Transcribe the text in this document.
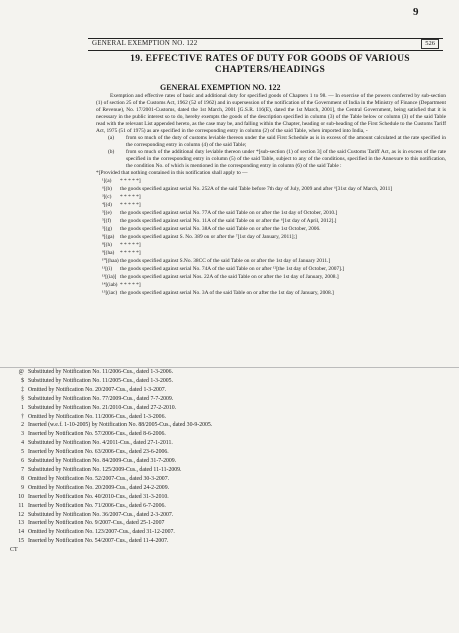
9
GENERAL EXEMPTION NO. 122	526
19. EFFECTIVE RATES OF DUTY FOR GOODS OF VARIOUS CHAPTERS/HEADINGS
GENERAL EXEMPTION NO. 122

Exemption and effective rates of basic and additional duty for specified goods of Chapters 1 to 98. — In exercise of the powers conferred by sub-section (1) of section 25 of the Customs Act, 1962 (52 of 1962) and in supersession of the notification of the Government of India in the Ministry of Finance (Department of Revenue), No. 17/2001-Customs, dated the 1st March, 2001 [G.S.R. 116(E), dated the 1st March, 2001], the Central Government, being satisfied that it is necessary in the public interest so to do, hereby exempts the goods of the description specified in column (3) of the Table below or column (3) of the said Table read with the relevant List appended hereto, as the case may be, and falling within the Chapter, heading or sub-heading of the First Schedule to the Customs Tariff Act, 1975 (51 of 1975) as are specified in the corresponding entry in column (2) of the said Table, when imported into India, -

(a) from so much of the duty of customs leviable thereon under the said First Schedule as is in excess of the amount calculated at the rate specified in the corresponding entry in column (4) of the said Table;
(b) from so much of the additional duty leviable thereon under *[sub-section (1) of section 3] of the said Customs Tariff Act, as is in excess of the rate specified in the corresponding entry in column (5) of the said Table, subject to any of the conditions, specified in the Annexure to this notification, the condition No. of which is mentioned in the corresponding entry in column (6) of the said Table :

*[Provided that nothing contained in this notification shall apply to —

¹[(a) * * * * *]
⁶[(b) the goods specified against serial No. 252A of the said Table before 7th day of July, 2009 and after ⁶[31st day of March, 2011]
³[(c) * * * * *]
⁴[(d) * * * * *]
⁵[(e) the goods specified against serial No. 77A of the said Table on or after the 1st day of October, 2010.]
⁵[(f) the goods specified against serial No. 11A of the said Table on or after the ⁶[1st day of April, 2012].]
⁵[(g) the goods specified against serial No. 38A of the said Table on or after the 1st October, 2006.
⁹[(ga) the goods specified against S. No. 389 on or after the ⁷[1st day of January, 2011];]
⁸[(h) * * * * *]
⁹[(ha) * * * * *]
¹⁰[(haa) the goods specified against S.No. 38CC of the said Table on or after the 1st day of January 2011.]
¹¹[(i) the goods specified against serial No. 74A of the said Table on or after ¹²[the 1st day of October, 2007].]
¹³[(ia)] the goods specified against serial Nos. 22A of the said Table on or after the 1st day of January, 2008.]
¹⁴[(iab) * * * * *]
¹⁵[(iac) the goods specified against serial No. 3A of the said Table on or after the 1st day of January, 2008.]
@ Substituted by Notification No. 11/2006-Cus., dated 1-3-2006.
$ Substituted by Notification No. 11/2005-Cus., dated 1-3-2005.
‡ Omitted by Notification No. 20/2007-Cus., dated 1-3-2007.
§ Substituted by Notification No. 77/2009-Cus., dated 7-7-2009.
1 Substituted by Notification No. 21/2010-Cus., dated 27-2-2010.
† Omitted by Notification No. 11/2006-Cus., dated 1-3-2006.
2 Inserted (w.e.f. 1-10-2005) by Notification No. 88/2005-Cus., dated 30-9-2005.
3 Inserted by Notification No. 57/2006-Cus., dated 8-6-2006.
4 Substituted by Notification No. 4/2011-Cus., dated 27-1-2011.
5 Inserted by Notification No. 63/2006-Cus., dated 23-6-2006.
6 Substituted by Notification No. 84/2009-Cus., dated 31-7-2009.
7 Substituted by Notification No. 125/2009-Cus., dated 11-11-2009.
8 Omitted by Notification No. 52/2007-Cus., dated 30-3-2007.
9 Omitted by Notification No. 20/2009-Cus., dated 24-2-2009.
10 Inserted by Notification No. 40/2010-Cus., dated 31-3-2010.
11 Inserted by Notification No. 71/2006-Cus., dated 6-7-2006.
12 Substituted by Notification No. 36/2007-Cus., dated 2-3-2007.
13 Inserted by Notification No. 9/2007-Cus., dated 25-1-2007
14 Omitted by Notification No. 123/2007-Cus., dated 31-12-2007.
15 Inserted by Notification No. 54/2007-Cus., dated 11-4-2007.
CT
